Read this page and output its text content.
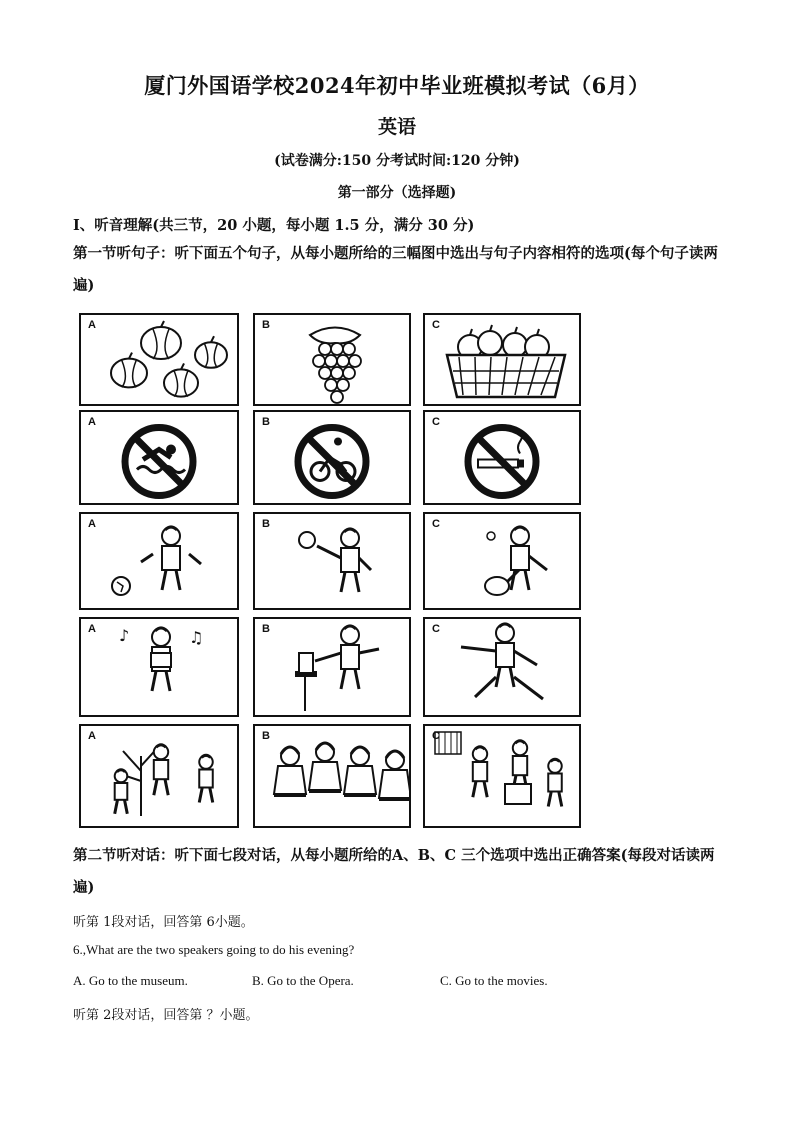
厦门外国语学校2024年初中毕业班模拟考试（6月）
英语
(试卷满分:150 分考试时间:120 分钟)
第一部分（选择题)
Ⅰ、听音理解(共三节，20 小题，每小题 1.5 分，满分 30 分)
第一节听句子：听下面五个句子，从每小题所给的三幅图中选出与句子内容相符的选项(每个句子读两遍)
A	B	C
A	B	C
A	B	C
♪	♫
A	B	C
A	B	C
第二节听对话：听下面七段对话，从每小题所给的A、B、C 三个选项中选出正确答案(每段对话读两遍)
听第 1段对话，回答第 6小题。
6.,What are the two speakers going to do his evening?
A. Go to the museum.	B. Go to the Opera.	C. Go to the movies.
听第 2段对话，回答第 ？小题。
